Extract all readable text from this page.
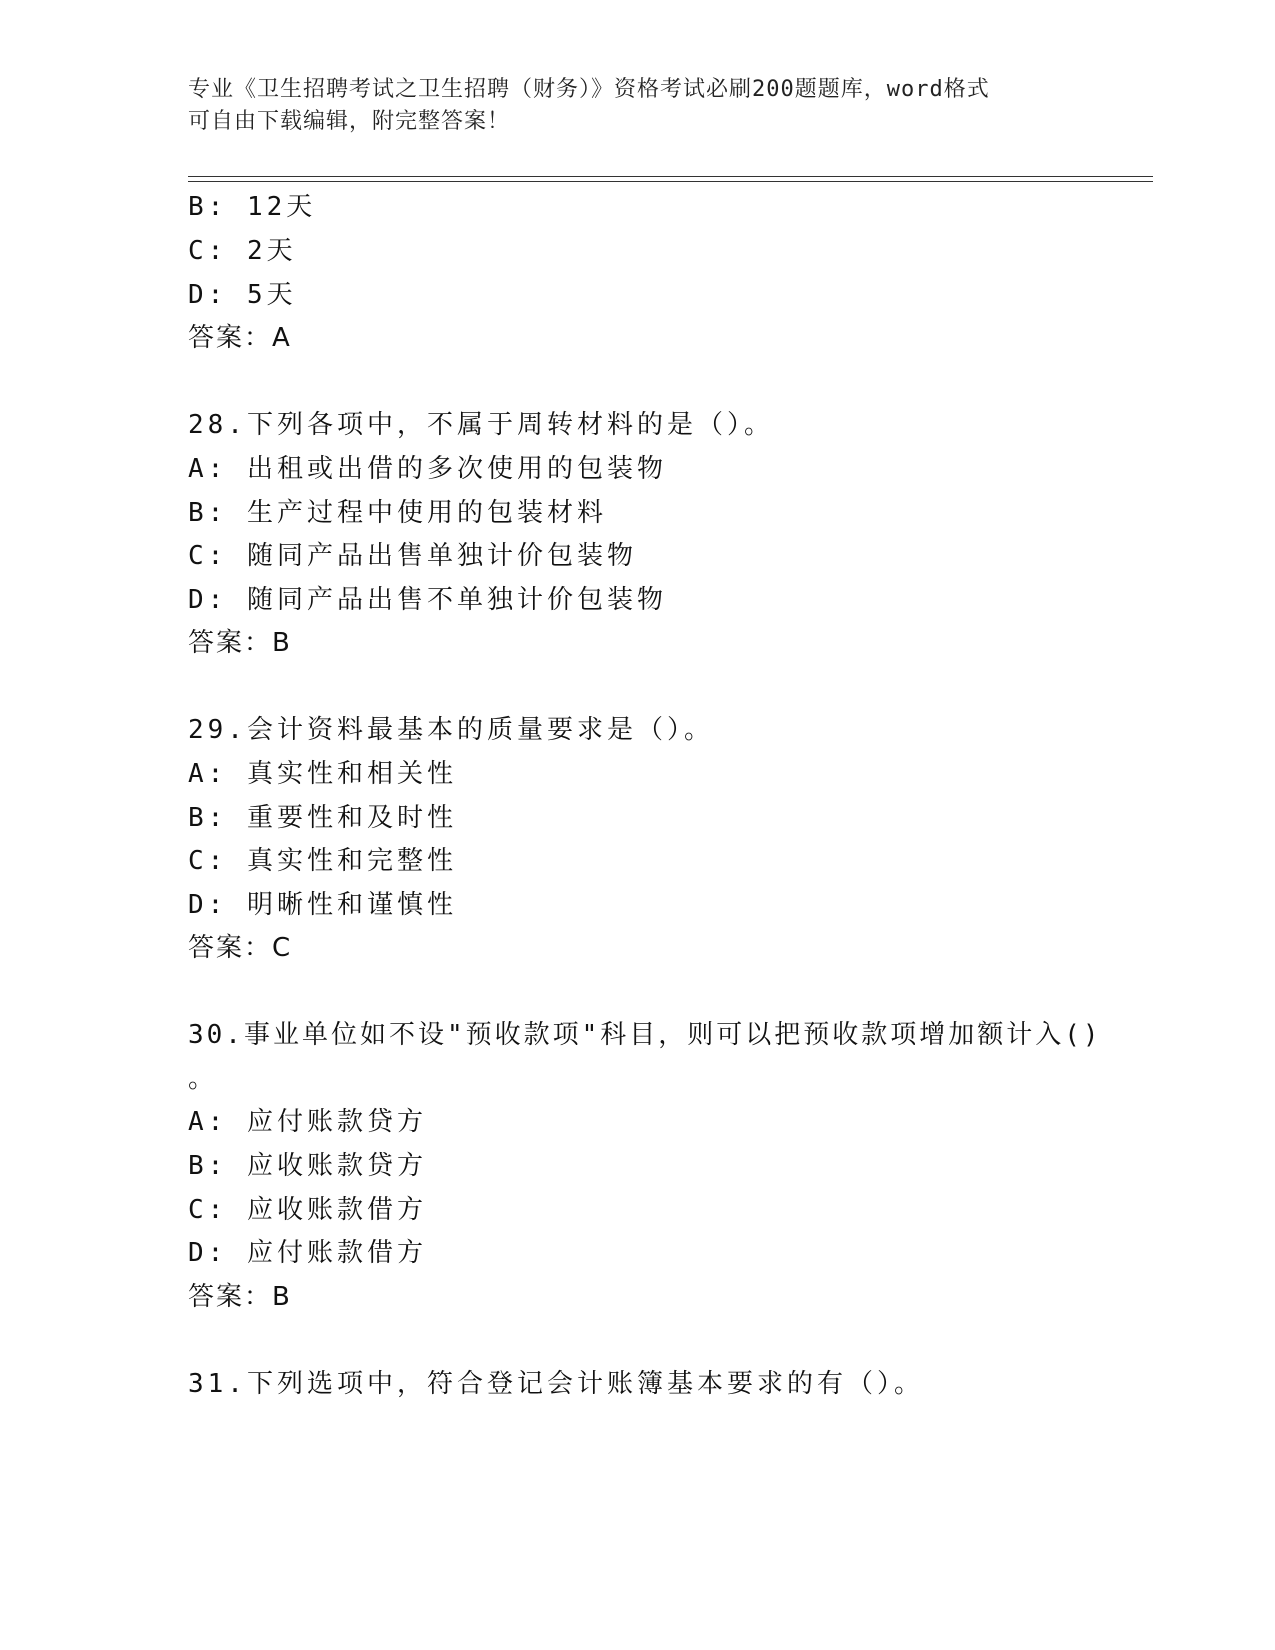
专业《卫生招聘考试之卫生招聘（财务）》资格考试必刷200题题库，word格式
可自由下载编辑，附完整答案！
B: 12天
C: 2天
D: 5天
答案：A
28.下列各项中，不属于周转材料的是（）。
A: 出租或出借的多次使用的包装物
B: 生产过程中使用的包装材料
C: 随同产品出售单独计价包装物
D: 随同产品出售不单独计价包装物
答案：B
29.会计资料最基本的质量要求是（）。
A: 真实性和相关性
B: 重要性和及时性
C: 真实性和完整性
D: 明晰性和谨慎性
答案：C
30.事业单位如不设"预收款项"科目，则可以把预收款项增加额计入()
。
A: 应付账款贷方
B: 应收账款贷方
C: 应收账款借方
D: 应付账款借方
答案：B
31.下列选项中，符合登记会计账簿基本要求的有（）。
